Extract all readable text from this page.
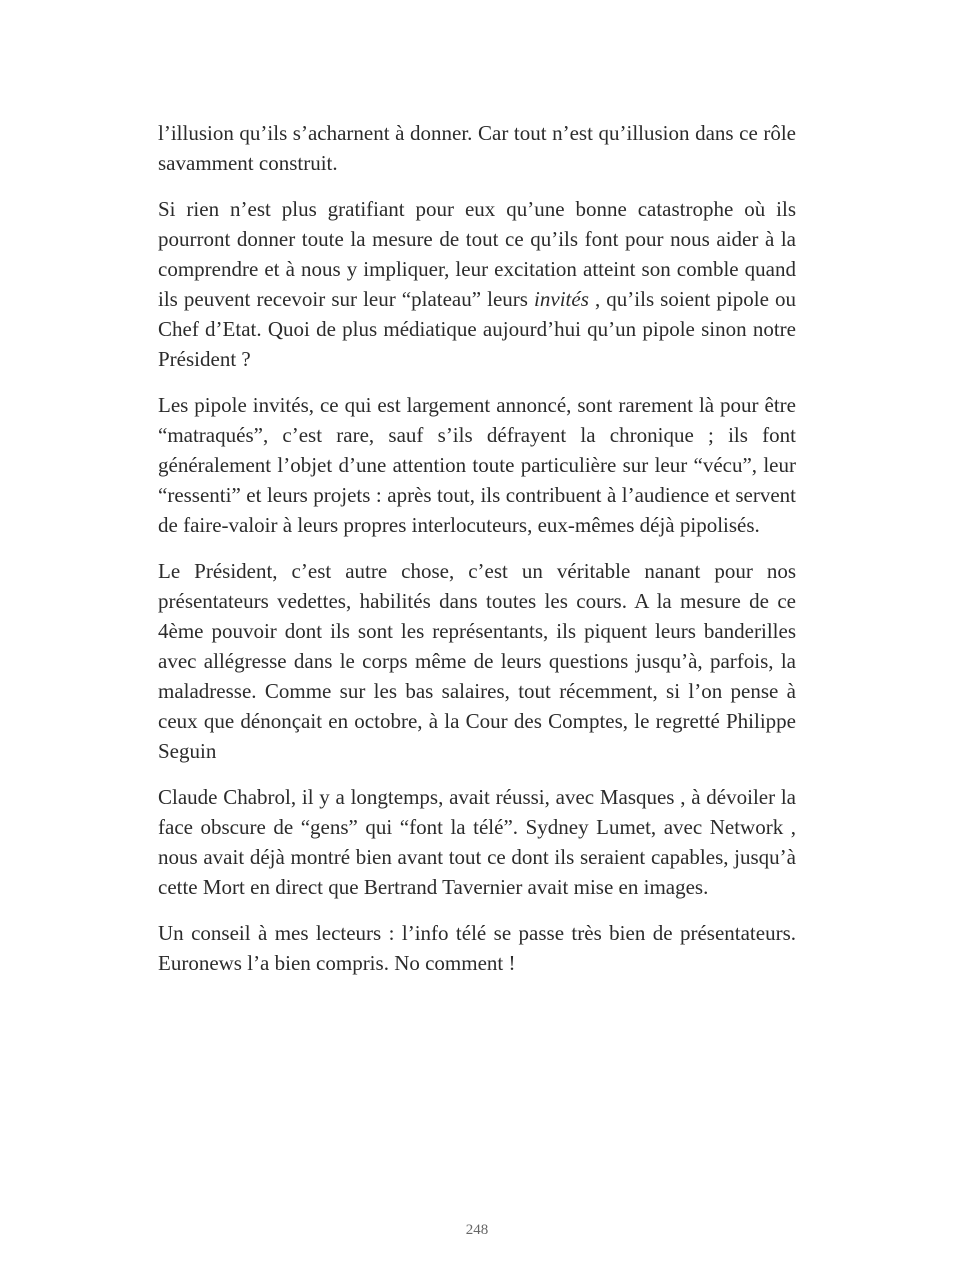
l’illusion qu’ils s’acharnent à donner. Car tout n’est qu’illusion dans ce rôle savamment construit.

Si rien n’est plus gratifiant pour eux qu’une bonne catastrophe où ils pourront donner toute la mesure de tout ce qu’ils font pour nous aider à la comprendre et à nous y impliquer, leur excitation atteint son comble quand ils peuvent recevoir sur leur “plateau” leurs invités , qu’ils soient pipole ou Chef d’Etat. Quoi de plus médiatique aujourd’hui qu’un pipole sinon notre Président ?

Les pipole invités, ce qui est largement annoncé, sont rarement là pour être “matraqués”, c’est rare, sauf s’ils défrayent la chronique ; ils font généralement l’objet d’une attention toute particulière sur leur “vécu”, leur “ressenti” et leurs projets : après tout, ils contribuent à l’audience et servent de faire-valoir à leurs propres interlocuteurs, eux-mêmes déjà pipolisés.

Le Président, c’est autre chose, c’est un véritable nanant pour nos présentateurs vedettes, habilités dans toutes les cours. A la mesure de ce 4ème pouvoir dont ils sont les représentants, ils piquent leurs banderilles avec allégresse dans le corps même de leurs questions jusqu’à, parfois, la maladresse. Comme sur les bas salaires, tout récemment, si l’on pense à ceux que dénonçait en octobre, à la Cour des Comptes, le regretté Philippe Seguin

Claude Chabrol, il y a longtemps, avait réussi, avec Masques , à dévoiler la face obscure de “gens” qui “font la télé”. Sydney Lumet, avec Network , nous avait déjà montré bien avant tout ce dont ils seraient capables, jusqu’à cette Mort en direct que Bertrand Tavernier avait mise en images.

Un conseil à mes lecteurs : l’info télé se passe très bien de présentateurs. Euronews l’a bien compris. No comment !

248
